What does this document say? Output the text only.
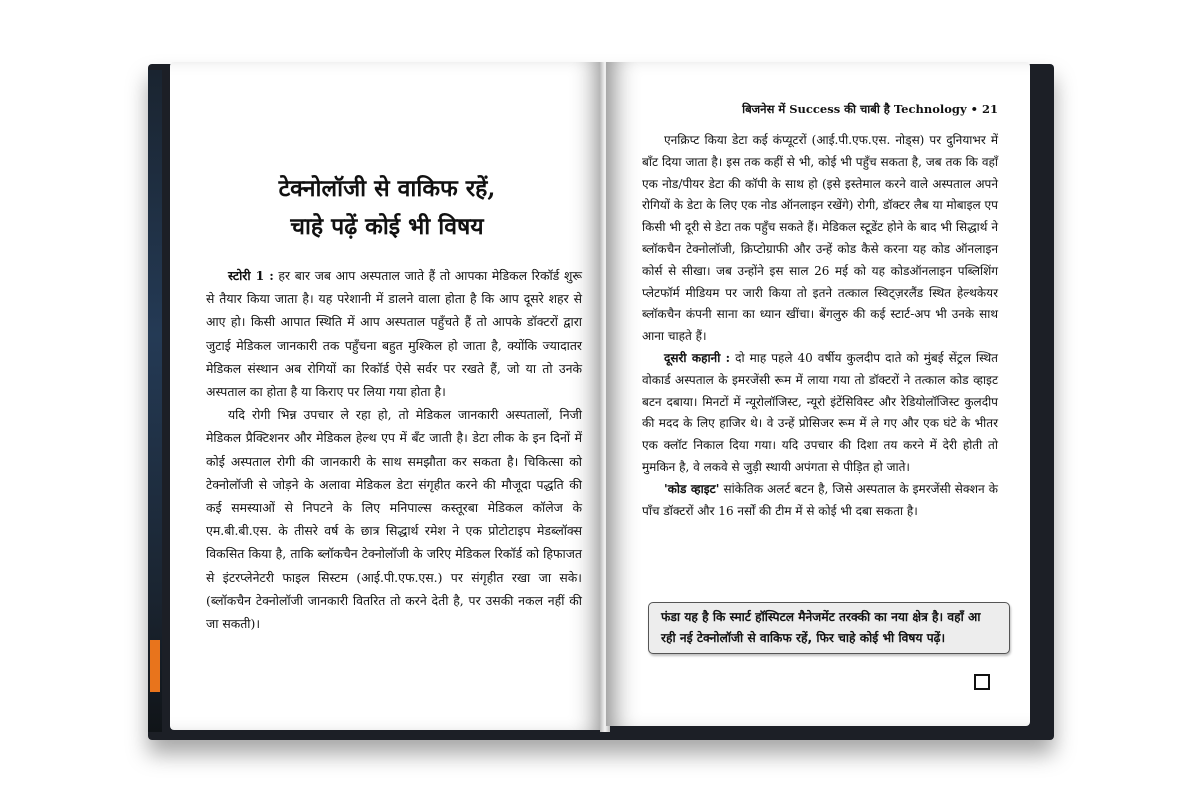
टेक्नोलॉजी से वाकिफ रहें,
चाहे पढ़ें कोई भी विषय

स्टोरी 1 : हर बार जब आप अस्पताल जाते हैं तो आपका मेडिकल रिकॉर्ड शुरू से तैयार किया जाता है। यह परेशानी में डालने वाला होता है कि आप दूसरे शहर से आए हो। किसी आपात स्थिति में आप अस्पताल पहुँचते हैं तो आपके डॉक्टरों द्वारा जुटाई मेडिकल जानकारी तक पहुँचना बहुत मुश्किल हो जाता है, क्योंकि ज्यादातर मेडिकल संस्थान अब रोगियों का रिकॉर्ड ऐसे सर्वर पर रखते हैं, जो या तो उनके अस्पताल का होता है या किराए पर लिया गया होता है।

यदि रोगी भिन्न उपचार ले रहा हो, तो मेडिकल जानकारी अस्पतालों, निजी मेडिकल प्रैक्टिशनर और मेडिकल हेल्थ एप में बँट जाती है। डेटा लीक के इन दिनों में कोई अस्पताल रोगी की जानकारी के साथ समझौता कर सकता है। चिकित्सा को टेक्नोलॉजी से जोड़ने के अलावा मेडिकल डेटा संगृहीत करने की मौजूदा पद्धति की कई समस्याओं से निपटने के लिए मनिपाल्स कस्तूरबा मेडिकल कॉलेज के एम.बी.बी.एस. के तीसरे वर्ष के छात्र सिद्धार्थ रमेश ने एक प्रोटोटाइप मेडब्लॉक्स विकसित किया है, ताकि ब्लॉकचैन टेक्नोलॉजी के जरिए मेडिकल रिकॉर्ड को हिफाजत से इंटरप्लेनेटरी फाइल सिस्टम (आई.पी.एफ.एस.) पर संगृहीत रखा जा सके। (ब्लॉकचैन टेक्नोलॉजी जानकारी वितरित तो करने देती है, पर उसकी नकल नहीं की जा सकती)।

बिजनेस में Success की चाबी है Technology • 21

एनक्रिप्ट किया डेटा कई कंप्यूटरों (आई.पी.एफ.एस. नोड्स) पर दुनियाभर में बाँट दिया जाता है। इस तक कहीं से भी, कोई भी पहुँच सकता है, जब तक कि वहाँ एक नोड/पीयर डेटा की कॉपी के साथ हो (इसे इस्तेमाल करने वाले अस्पताल अपने रोगियों के डेटा के लिए एक नोड ऑनलाइन रखेंगे) रोगी, डॉक्टर लैब या मोबाइल एप किसी भी दूरी से डेटा तक पहुँच सकते हैं। मेडिकल स्टूडेंट होने के बाद भी सिद्धार्थ ने ब्लॉकचैन टेक्नोलॉजी, क्रिप्टोग्राफी और उन्हें कोड कैसे करना यह कोड ऑनलाइन कोर्स से सीखा। जब उन्होंने इस साल 26 मई को यह कोडऑनलाइन पब्लिशिंग प्लेटफॉर्म मीडियम पर जारी किया तो इतने तत्काल स्विट्ज़रलैंड स्थित हेल्थकेयर ब्लॉकचैन कंपनी साना का ध्यान खींचा। बेंगलुरु की कई स्टार्ट-अप भी उनके साथ आना चाहते हैं।

दूसरी कहानी : दो माह पहले 40 वर्षीय कुलदीप दाते को मुंबई सेंट्रल स्थित वोकार्ड अस्पताल के इमरजेंसी रूम में लाया गया तो डॉक्टरों ने तत्काल कोड व्हाइट बटन दबाया। मिनटों में न्यूरोलॉजिस्ट, न्यूरो इंटेंसिविस्ट और रेडियोलॉजिस्ट कुलदीप की मदद के लिए हाजिर थे। वे उन्हें प्रोसिजर रूम में ले गए और एक घंटे के भीतर एक क्लॉट निकाल दिया गया। यदि उपचार की दिशा तय करने में देरी होती तो मुमकिन है, वे लकवे से जुड़ी स्थायी अपंगता से पीड़ित हो जाते।

'कोड व्हाइट' सांकेतिक अलर्ट बटन है, जिसे अस्पताल के इमरजेंसी सेक्शन के पाँच डॉक्टरों और 16 नर्सों की टीम में से कोई भी दबा सकता है।

फंडा यह है कि स्मार्ट हॉस्पिटल मैनेजमेंट तरक्की का नया क्षेत्र है। वहाँ आ रही नई टेक्नोलॉजी से वाकिफ रहें, फिर चाहे कोई भी विषय पढ़ें।
